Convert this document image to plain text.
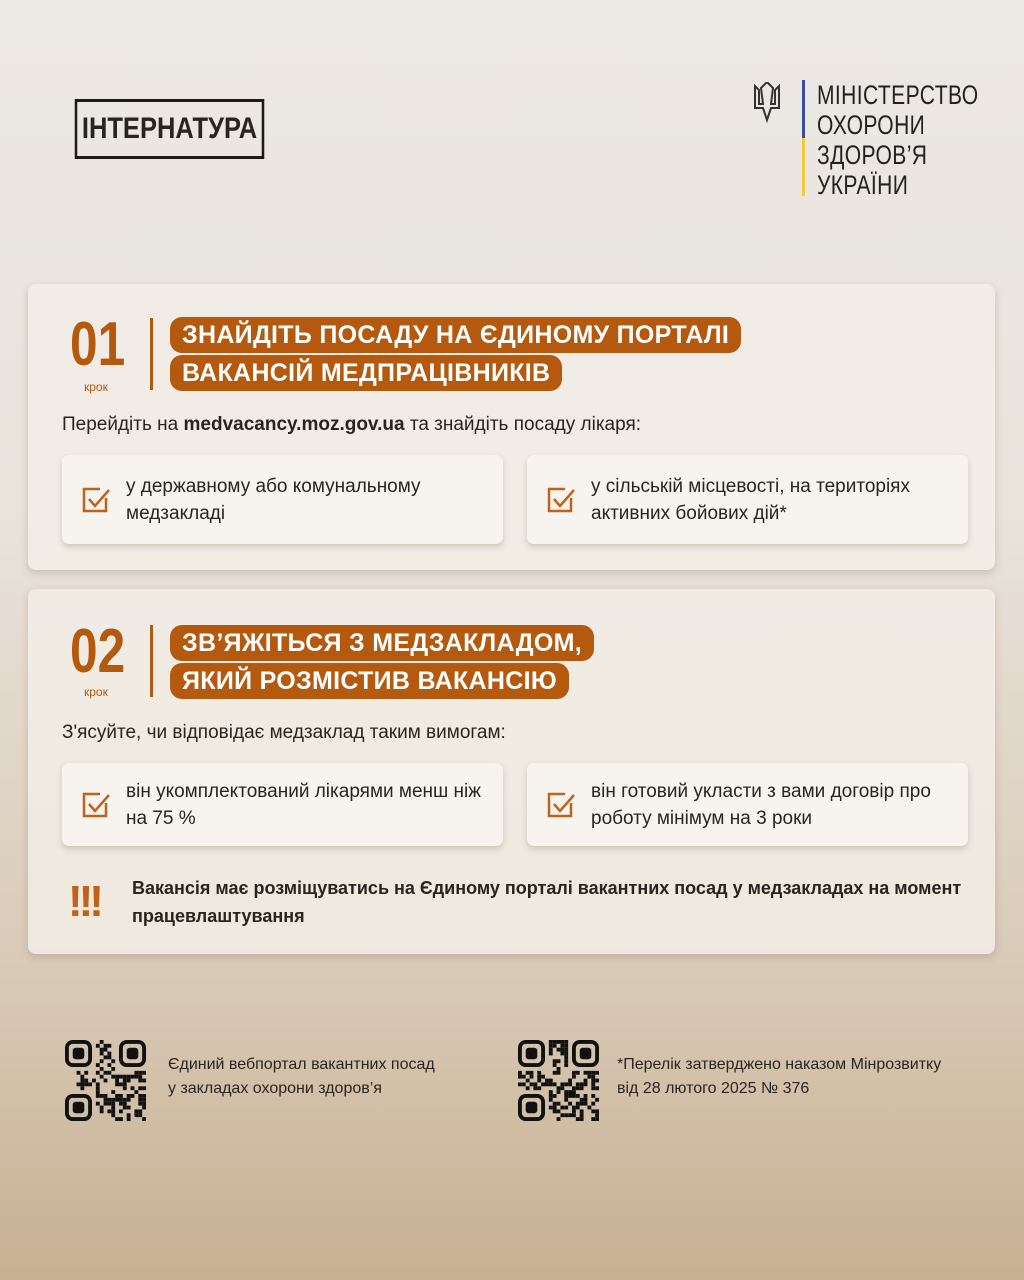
ІНТЕРНАТУРА
МІНІСТЕРСТВО
ОХОРОНИ
ЗДОРОВ’Я
УКРАЇНИ
01
крок
ЗНАЙДІТЬ ПОСАДУ НА ЄДИНОМУ ПОРТАЛІ
ВАКАНСІЙ МЕДПРАЦІВНИКІВ
Перейдіть на medvacancy.moz.gov.ua та знайдіть посаду лікаря:
у державному або комунальному медзакладі
у сільській місцевості, на територіях активних бойових дій*
02
крок
ЗВ’ЯЖІТЬСЯ З МЕДЗАКЛАДОМ,
ЯКИЙ РОЗМІСТИВ ВАКАНСІЮ
З'ясуйте, чи відповідає медзаклад таким вимогам:
він укомплектований лікарями менш ніж на 75 %
він готовий укласти з вами договір про роботу мінімум на 3 роки
!!! Вакансія має розміщуватись на Єдиному порталі вакантних посад у медзакладах на момент працевлаштування
Єдиний вебпортал вакантних посад
у закладах охорони здоров’я
*Перелік затверджено наказом Мінрозвитку
від 28 лютого 2025 № 376
